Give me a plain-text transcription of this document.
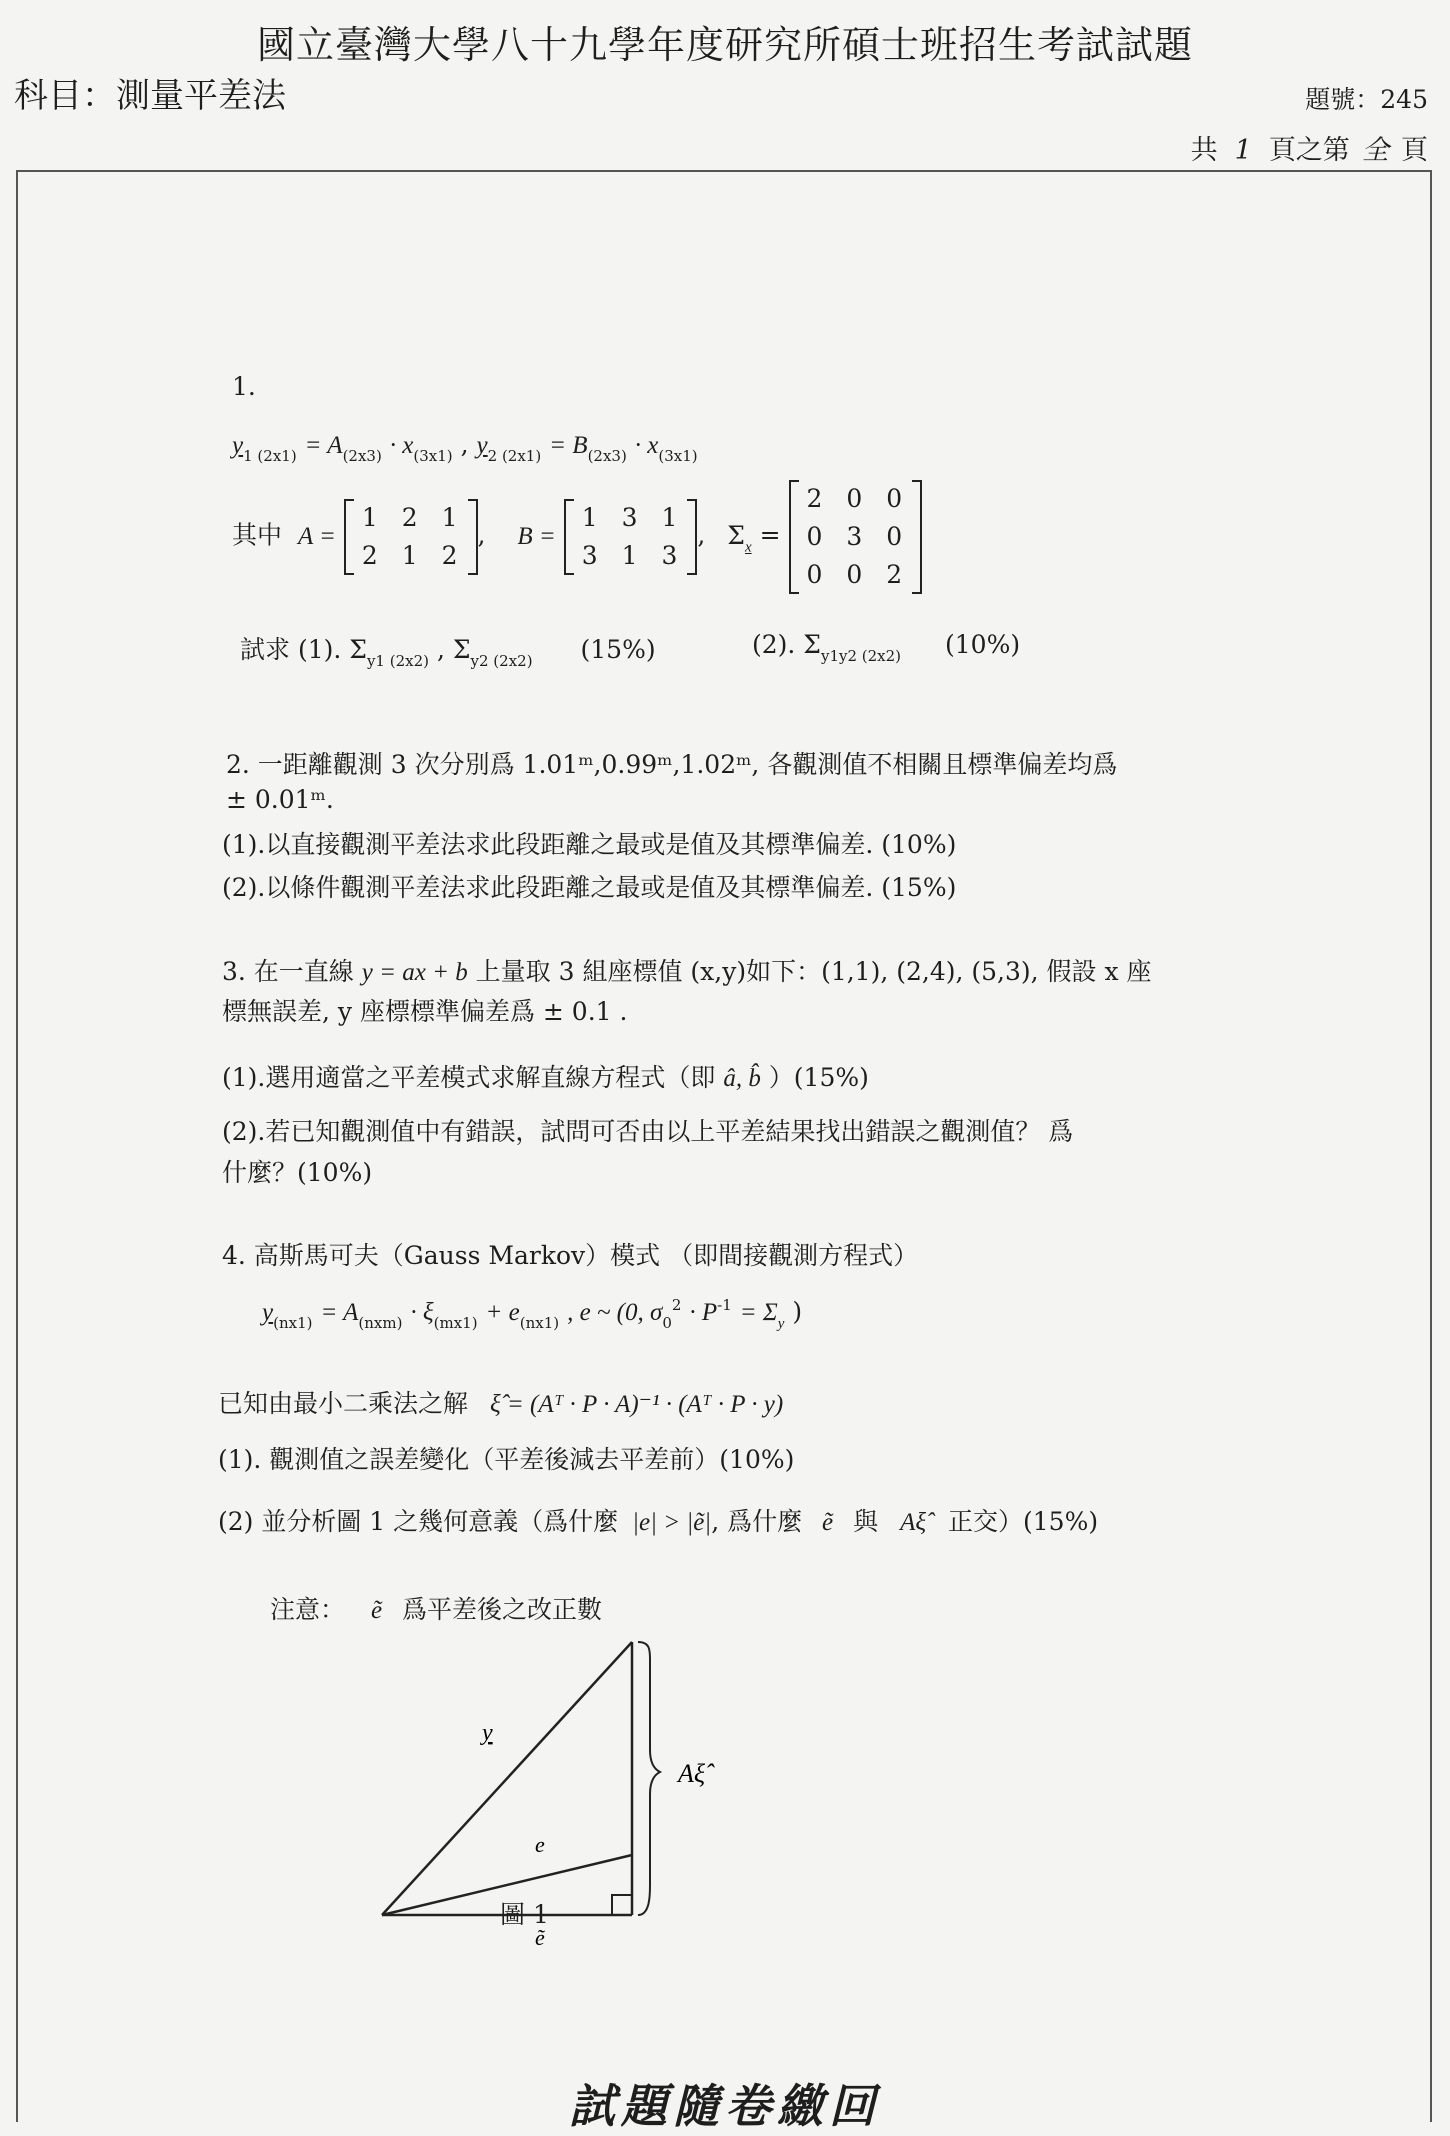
國立臺灣大學八十九學年度研究所碩士班招生考試試題
科目：測量平差法	題號：245
共 1 頁之第 全 頁
1.
$y_{1 (2x1)} = A_{(2x3)} \cdot x_{(3x1)}$ , $y_{2 (2x1)} = B_{(2x3)} \cdot x_{(3x1)}$
其中 A =
1 2 1
2 1 2
, B =
1 3 1
3 1 3
, $\Sigma_x$ =
2 0 0
0 3 0
0 0 2
試求 (1). $\Sigma_{y1 (2x2)}$ , $\Sigma_{y2 (2x2)}$ (15%)	(2). $\Sigma_{y1y2 (2x2)}$ (10%)
2. 一距離觀測 3 次分別爲 1.01ᵐ,0.99ᵐ,1.02ᵐ, 各觀測值不相關且標準偏差均爲
± 0.01ᵐ.
(1).以直接觀測平差法求此段距離之最或是值及其標準偏差. (10%)
(2).以條件觀測平差法求此段距離之最或是值及其標準偏差. (15%)
3. 在一直線 y = ax + b 上量取 3 組座標值 (x,y)如下：(1,1), (2,4), (5,3), 假設 x 座
標無誤差, y 座標標準偏差爲 ± 0.1 .
(1).選用適當之平差模式求解直線方程式（即 â, b̂ ）(15%)
(2).若已知觀測值中有錯誤，試問可否由以上平差結果找出錯誤之觀測值？ 爲
什麼？(10%)
4. 高斯馬可夫（Gauss Markov）模式 （即間接觀測方程式）
$y_{(nx1)} = A_{(nxm)} \cdot \xi_{(mx1)} + e_{(nx1)}$ , e ~ (0, $\sigma_0^2 \cdot P^{-1} = \Sigma_y$ )
已知由最小二乘法之解 ξ̂ = (Aᵀ · P · A)⁻¹ · (Aᵀ · P · y)
(1). 觀測值之誤差變化（平差後減去平差前）(10%)
(2) 並分析圖 1 之幾何意義（爲什麼 |e| > |ẽ|, 爲什麼 ẽ 與 Aξ̂ 正交）(15%)
注意： ẽ 爲平差後之改正數
y
e
ẽ
Aξ̂
圖 1
試題隨卷繳回
